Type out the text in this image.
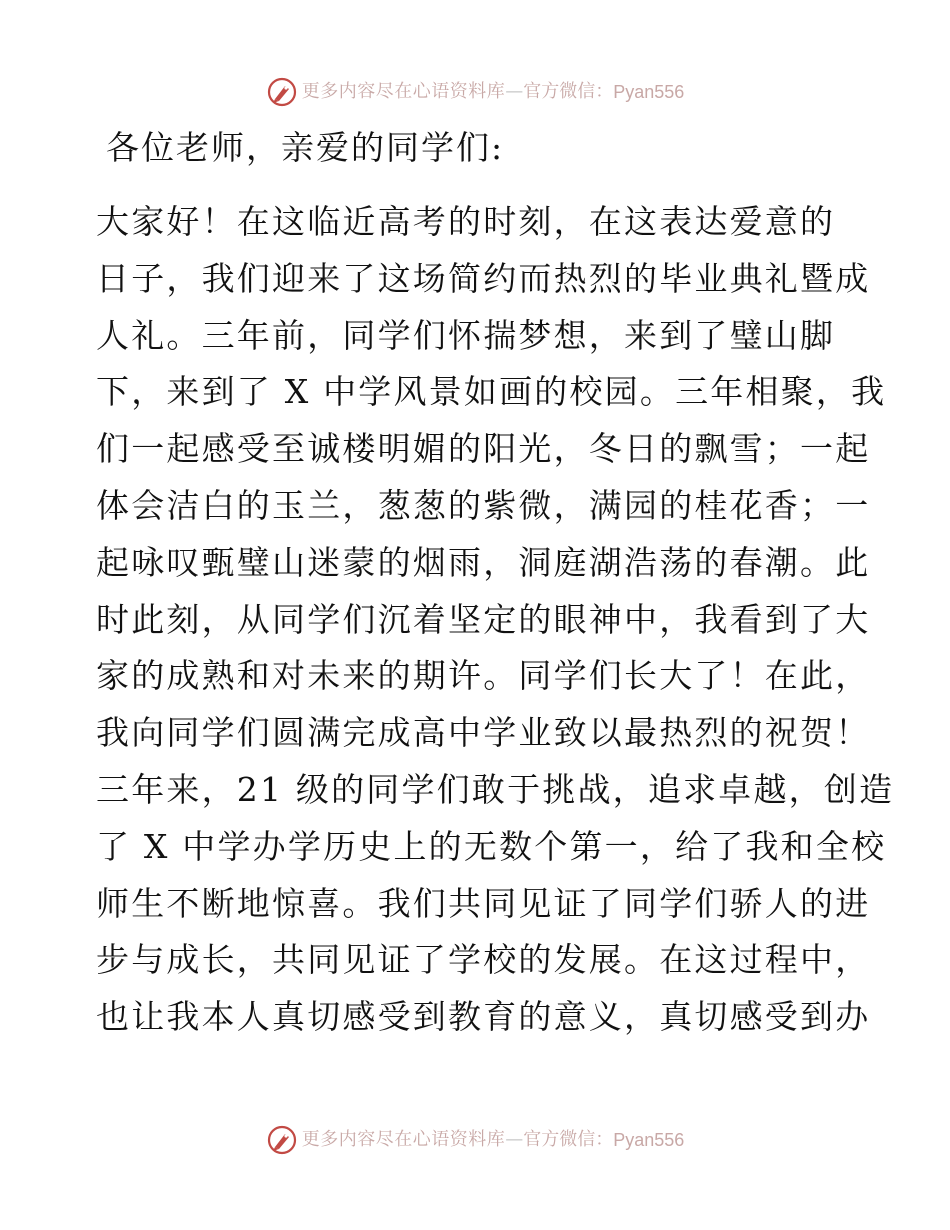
更多内容尽在心语资料库 — 官方微信： Pyan556
各位老师，亲爱的同学们:
大家好！在这临近高考的时刻，在这表达爱意的
日子，我们迎来了这场简约而热烈的毕业典礼暨成
人礼。三年前，同学们怀揣梦想，来到了璧山脚
下，来到了 X 中学风景如画的校园。三年相聚，我
们一起感受至诚楼明媚的阳光，冬日的飘雪；一起
体会洁白的玉兰，葱葱的紫微，满园的桂花香；一
起咏叹甄璧山迷蒙的烟雨，洞庭湖浩荡的春潮。此
时此刻，从同学们沉着坚定的眼神中，我看到了大
家的成熟和对未来的期许。同学们长大了！在此，
我向同学们圆满完成高中学业致以最热烈的祝贺！
三年来，21 级的同学们敢于挑战，追求卓越，创造
了 X 中学办学历史上的无数个第一，给了我和全校
师生不断地惊喜。我们共同见证了同学们骄人的进
步与成长，共同见证了学校的发展。在这过程中，
也让我本人真切感受到教育的意义，真切感受到办
更多内容尽在心语资料库 — 官方微信： Pyan556
